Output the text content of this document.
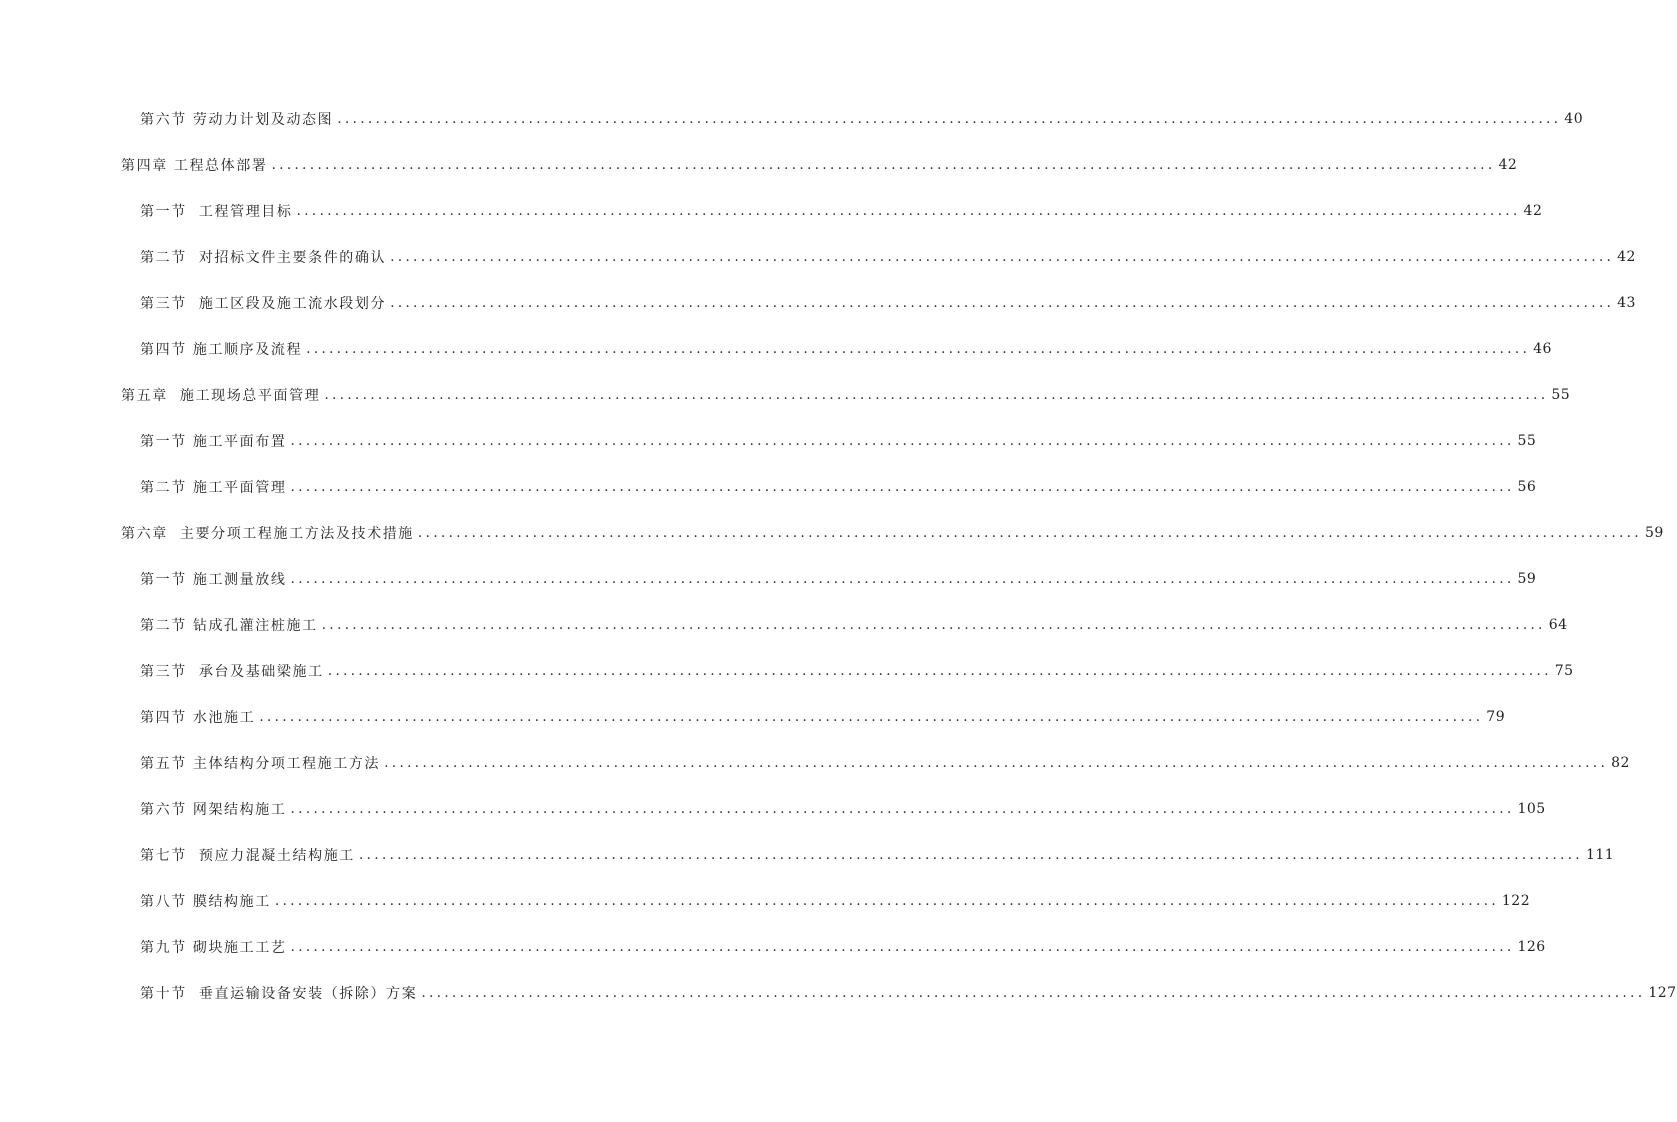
第六节 劳动力计划及动态图 ................................................................................................................................................................ 40
第四章 工程总体部署 ................................................................................................................................................................ 42
第一节  工程管理目标 ................................................................................................................................................................ 42
第二节  对招标文件主要条件的确认 ................................................................................................................................................................ 42
第三节  施工区段及施工流水段划分 ................................................................................................................................................................ 43
第四节 施工顺序及流程 ................................................................................................................................................................ 46
第五章  施工现场总平面管理 ................................................................................................................................................................ 55
第一节 施工平面布置 ................................................................................................................................................................ 55
第二节 施工平面管理 ................................................................................................................................................................ 56
第六章  主要分项工程施工方法及技术措施 ................................................................................................................................................................ 59
第一节 施工测量放线 ................................................................................................................................................................ 59
第二节 钻成孔灌注桩施工 ................................................................................................................................................................ 64
第三节  承台及基础梁施工 ................................................................................................................................................................ 75
第四节 水池施工 ................................................................................................................................................................ 79
第五节 主体结构分项工程施工方法 ................................................................................................................................................................ 82
第六节 网架结构施工 ................................................................................................................................................................ 105
第七节  预应力混凝土结构施工 ................................................................................................................................................................ 111
第八节 膜结构施工 ................................................................................................................................................................ 122
第九节 砌块施工工艺 ................................................................................................................................................................ 126
第十节  垂直运输设备安装（拆除）方案 ................................................................................................................................................................ 127
